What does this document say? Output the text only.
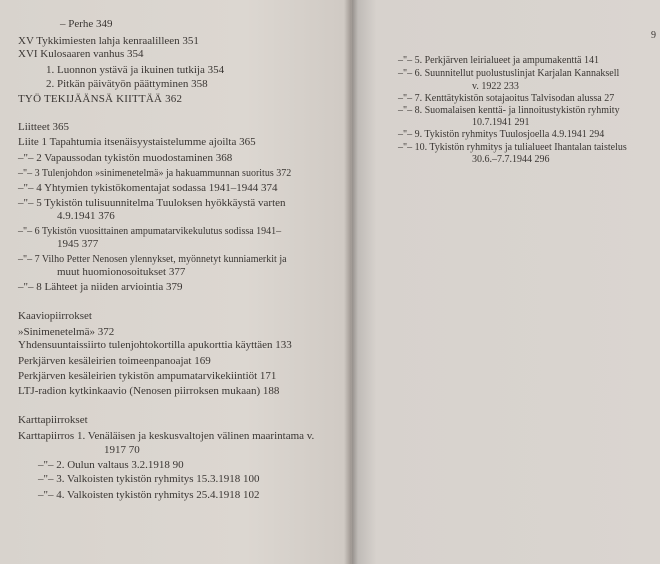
– Perhe 349
XV Tykkimiesten lahja kenraalilleen 351
XVI Kulosaaren vanhus 354
1. Luonnon ystävä ja ikuinen tutkija 354
2. Pitkän päivätyön päättyminen 358
TYÖ TEKIJÄÄNSÄ KIITTÄÄ 362
Liitteet 365
Liite 1 Tapahtumia itsenäisyystaistelumme ajoilta 365
–"– 2 Vapaussodan tykistön muodostaminen 368
–"– 3 Tulenjohdon »sinimenetelmä» ja hakuammunnan suoritus 372
–"– 4 Yhtymien tykistökomentajat sodassa 1941–1944 374
–"– 5 Tykistön tulisuunnitelma Tuuloksen hyökkäystä varten
4.9.1941 376
–"– 6 Tykistön vuosittainen ampumatarvikekulutus sodissa 1941–
1945 377
–"– 7 Vilho Petter Nenosen ylennykset, myönnetyt kunniamerkit ja
muut huomionosoitukset 377
–"– 8 Lähteet ja niiden arviointia 379
Kaaviopiirrokset
»Sinimenetelmä» 372
Yhdensuuntaissiirto tulenjohtokortilla apukorttia käyttäen 133
Perkjärven kesäleirien toimeenpanoajat 169
Perkjärven kesäleirien tykistön ampumatarvikekiintiöt 171
LTJ-radion kytkinkaavio (Nenosen piirroksen mukaan) 188
Karttapiirrokset
Karttapiirros 1. Venäläisen ja keskusvaltojen välinen maarintama v.
1917 70
–"– 2. Oulun valtaus 3.2.1918 90
–"– 3. Valkoisten tykistön ryhmitys 15.3.1918 100
–"– 4. Valkoisten tykistön ryhmitys 25.4.1918 102
9
–"– 5. Perkjärven leirialueet ja ampumakenttä 141
–"– 6. Suunnitellut puolustuslinjat Karjalan Kannaksell
v. 1922 233
–"– 7. Kenttätykistön sotajaoitus Talvisodan alussa 27
–"– 8. Suomalaisen kenttä- ja linnoitustykistön ryhmity
10.7.1941 291
–"– 9. Tykistön ryhmitys Tuulosjoella 4.9.1941 294
–"– 10. Tykistön ryhmitys ja tulialueet Ihantalan taistelus
30.6.–7.7.1944 296
